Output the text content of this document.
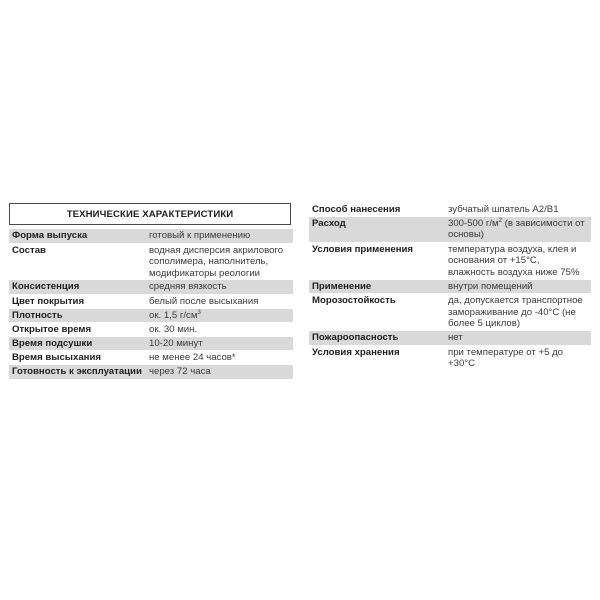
ТЕХНИЧЕСКИЕ ХАРАКТЕРИСТИКИ
Форма выпуска	готовый к применению
Состав	водная дисперсия акрилового сополимера, наполнитель, модификаторы реологии
Консистенция	средняя вязкость
Цвет покрытия	белый после высыхания
Плотность	ок. 1,5 $г/см^3$
Открытое время	ок. 30 мин.
Время подсушки	10-20 минут
Время высыхания	не менее 24 часов*
Готовность к эксплуатации	через 72 часа
Способ нанесения	зубчатый шпатель А2/В1
Расход	300-500 $г/м^2$ (в зависимости от основы)
Условия применения	температура воздуха, клея и основания от +15°С, влажность воздуха ниже 75%
Применение	внутри помещений
Морозостойкость	да, допускается транспортное замораживание до -40°С (не более 5 циклов)
Пожароопасность	нет
Условия хранения	при температуре от +5 до +30°С
